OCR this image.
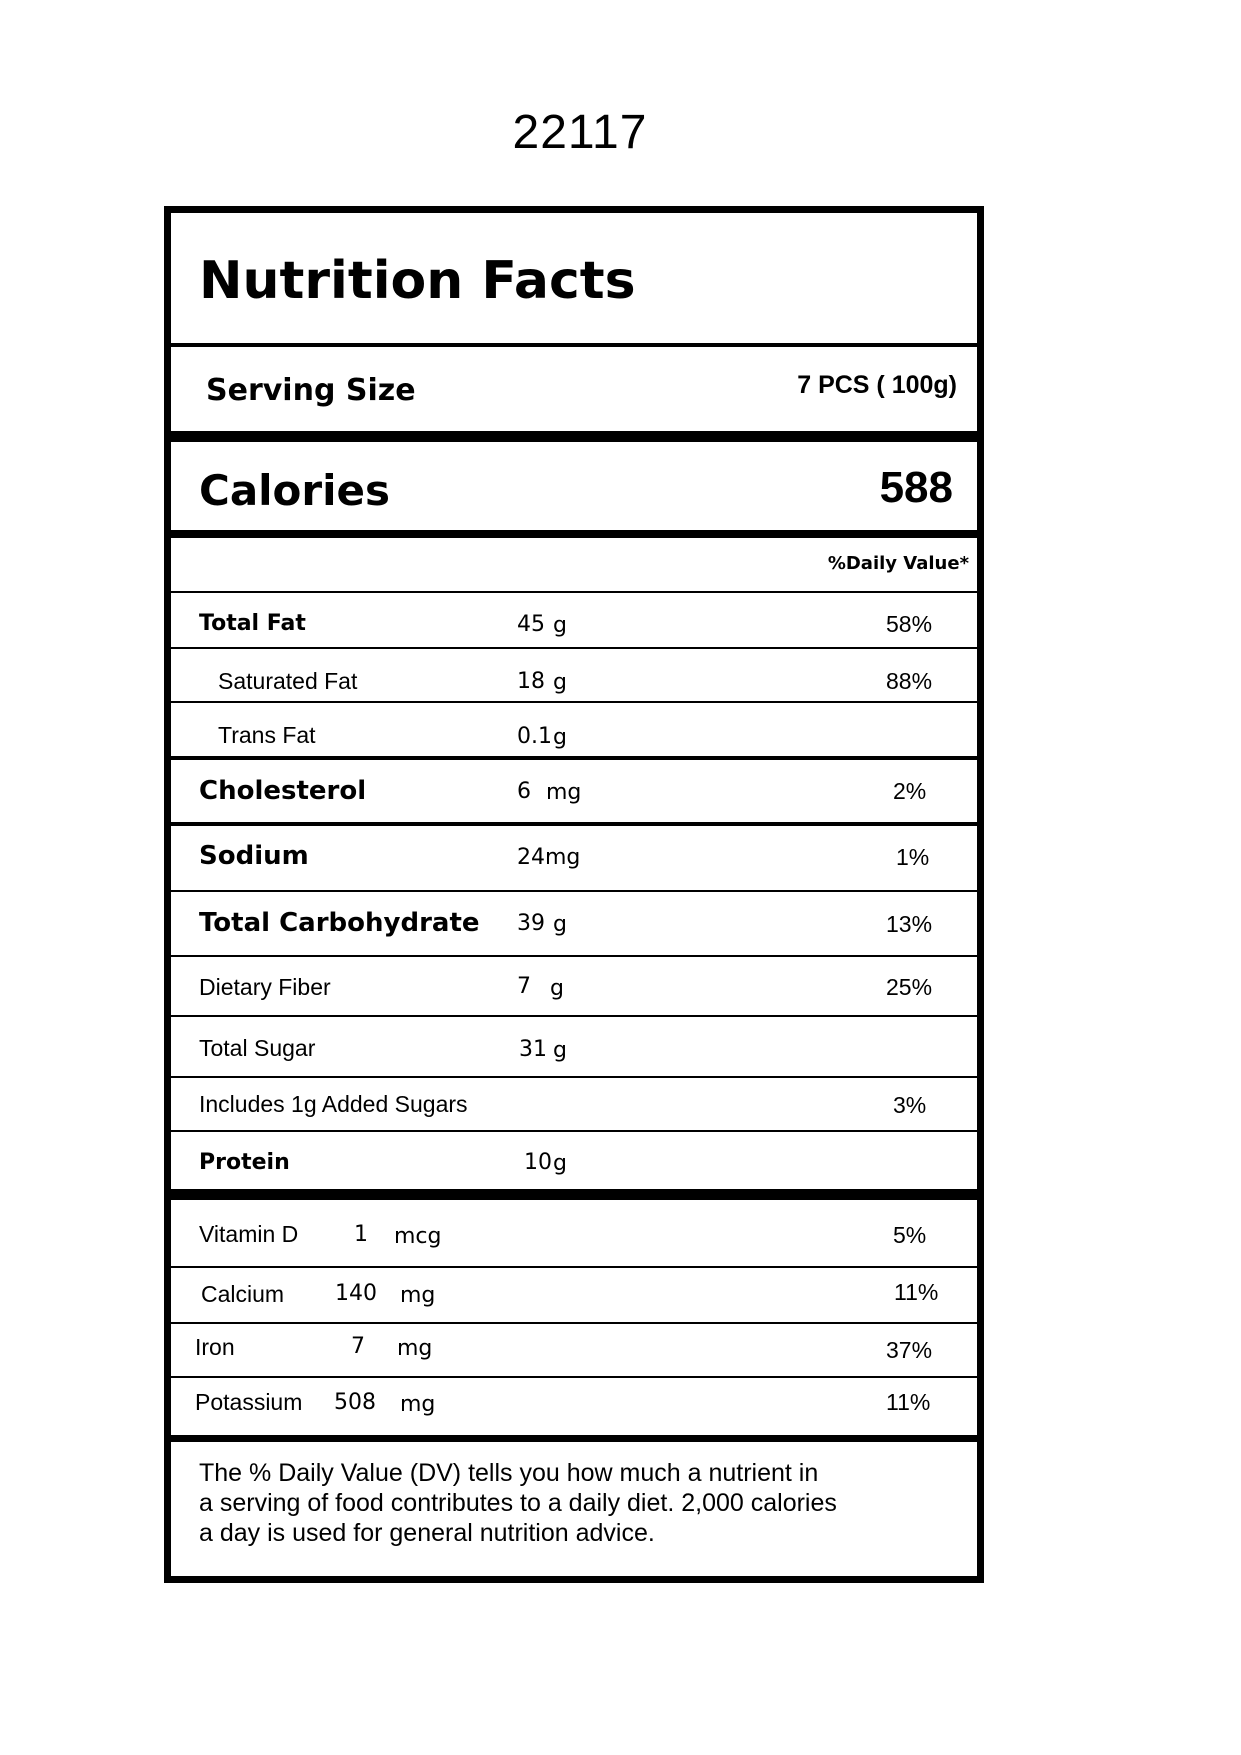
22117
Nutrition Facts
Serving Size	7 PCS ( 100g)
Calories	588
%Daily Value*
Total Fat	45 g	58%
Saturated Fat	18 g	88%
Trans Fat	0.1 g
Cholesterol	6 mg	2%
Sodium	24 mg	1%
Total Carbohydrate 39 g	13%
Dietary Fiber	7 g	25%
Total Sugar	31 g
Includes 1g Added Sugars	3%
Protein	10 g
Vitamin D	1 mcg	5%
Calcium 140 mg	11%
Iron	7 mg	37%
Potassium 508 mg	11%
The % Daily Value (DV) tells you how much a nutrient in
a serving of food contributes to a daily diet. 2,000 calories
a day is used for general nutrition advice.
